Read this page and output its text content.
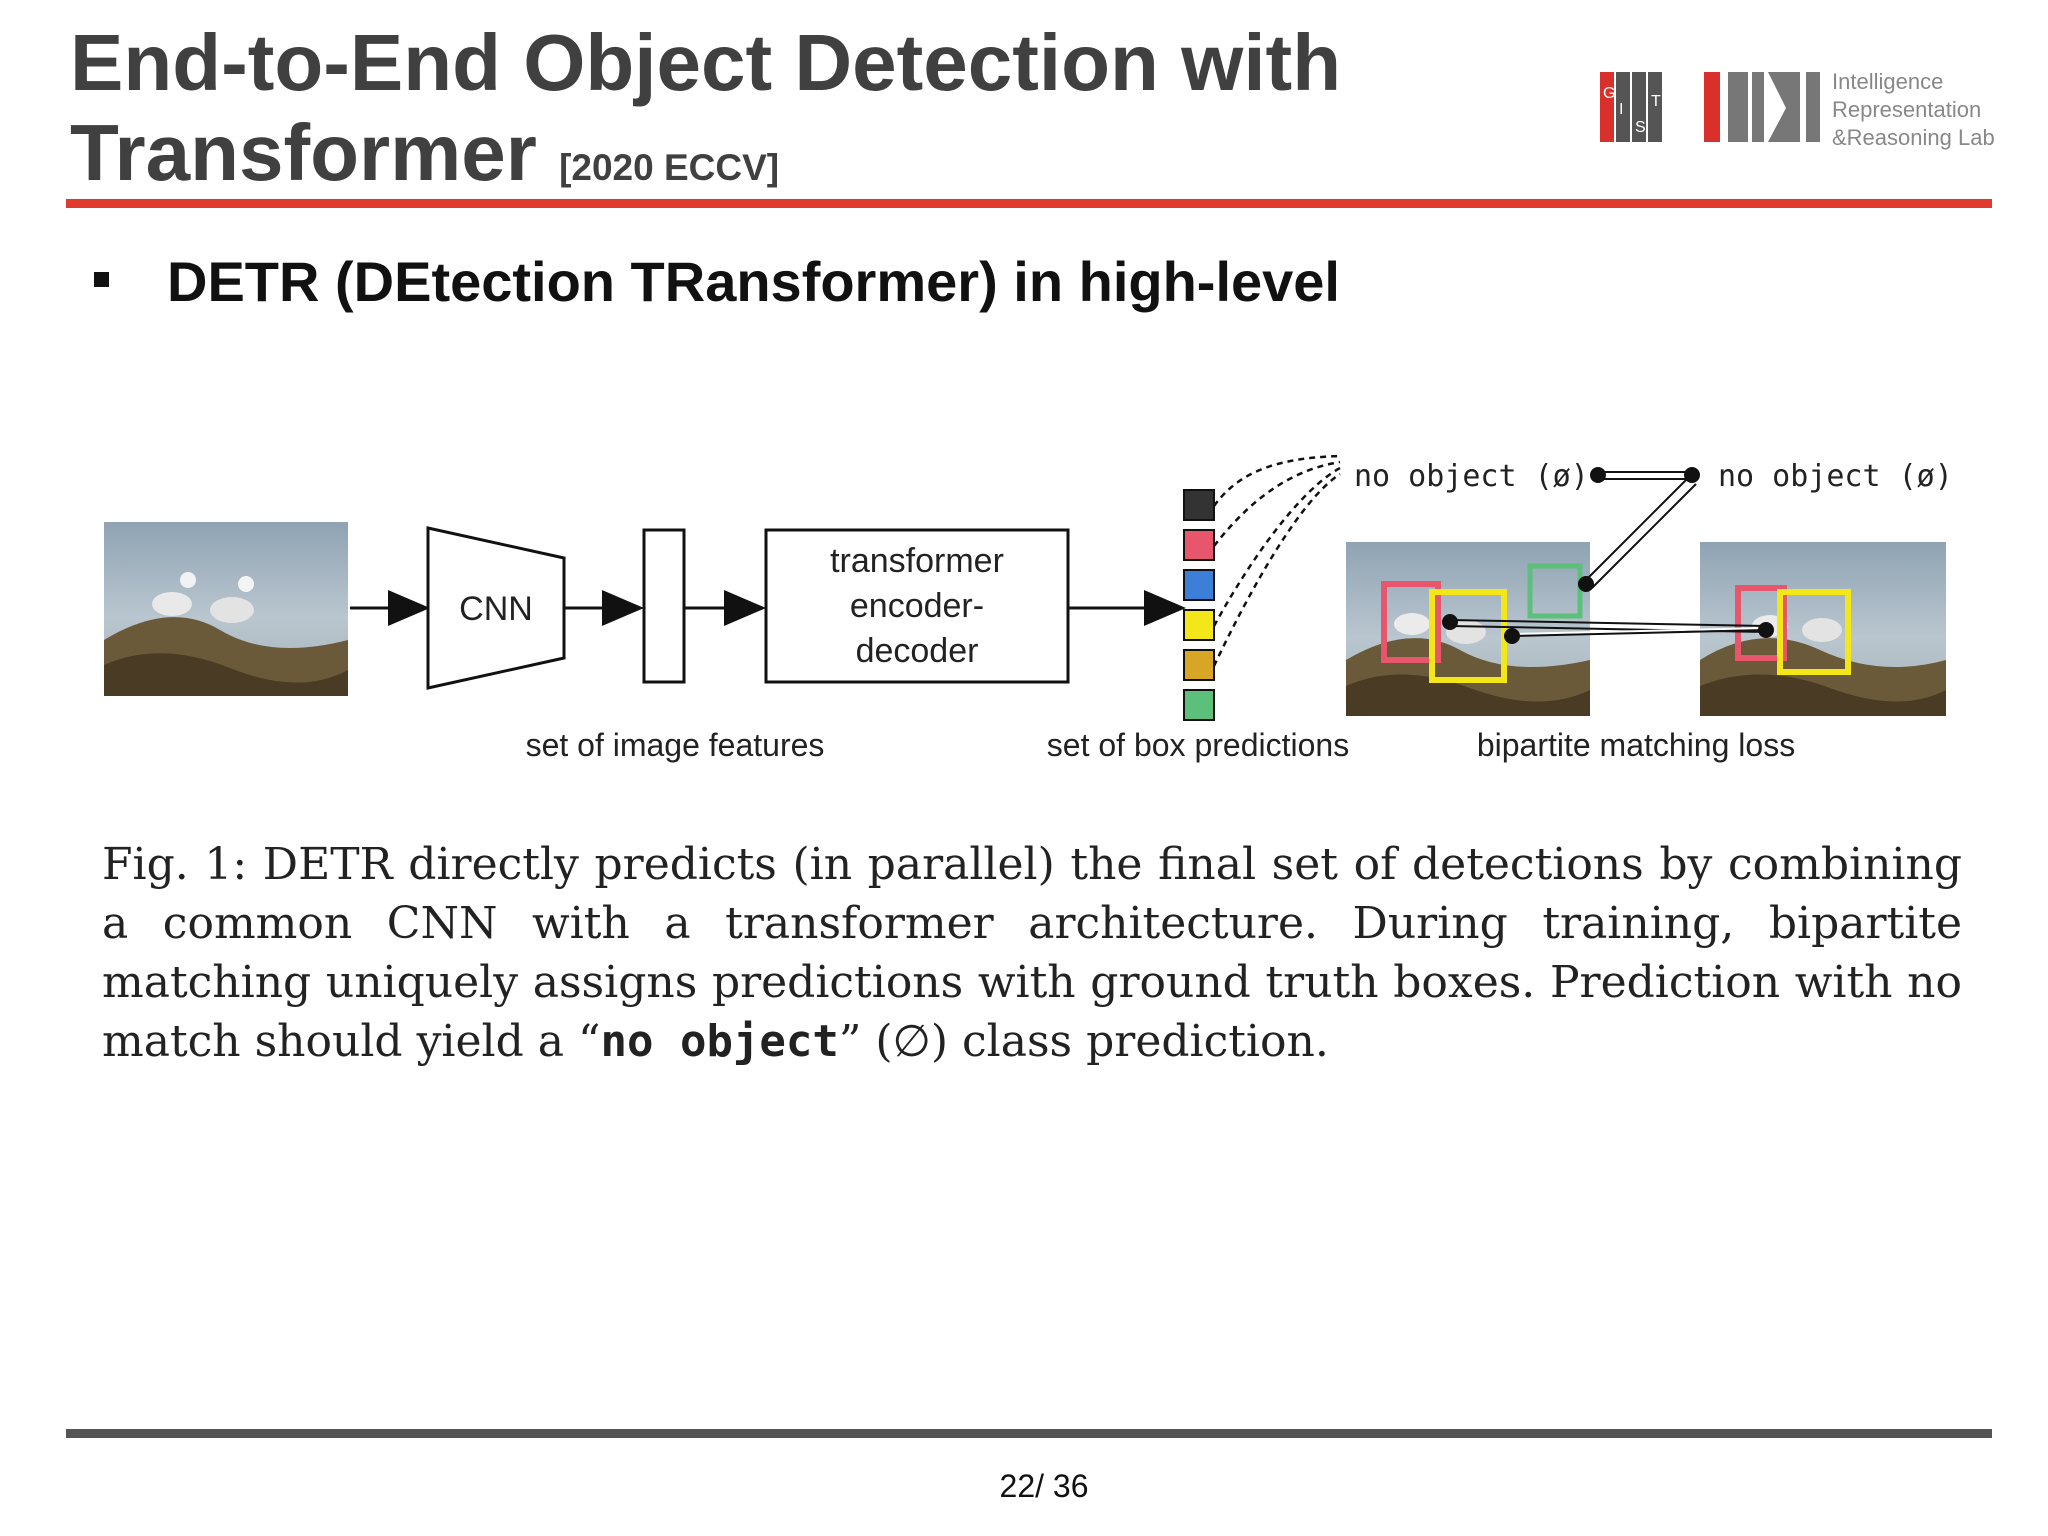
End-to-End Object Detection with
Transformer [2020 ECCV]
G
I
S
T
Intelligence
Representation
&Reasoning Lab
DETR (DEtection TRansformer) in high-level
CNN
transformer
encoder-
decoder
no object (ø)	no object (ø)
set of image features	set of box predictions	bipartite matching loss
Fig. 1: DETR directly predicts (in parallel) the final set of detections by combining a common CNN with a transformer architecture. During training, bipartite matching uniquely assigns predictions with ground truth boxes. Prediction with no match should yield a “no object” (∅) class prediction.
22/ 36
